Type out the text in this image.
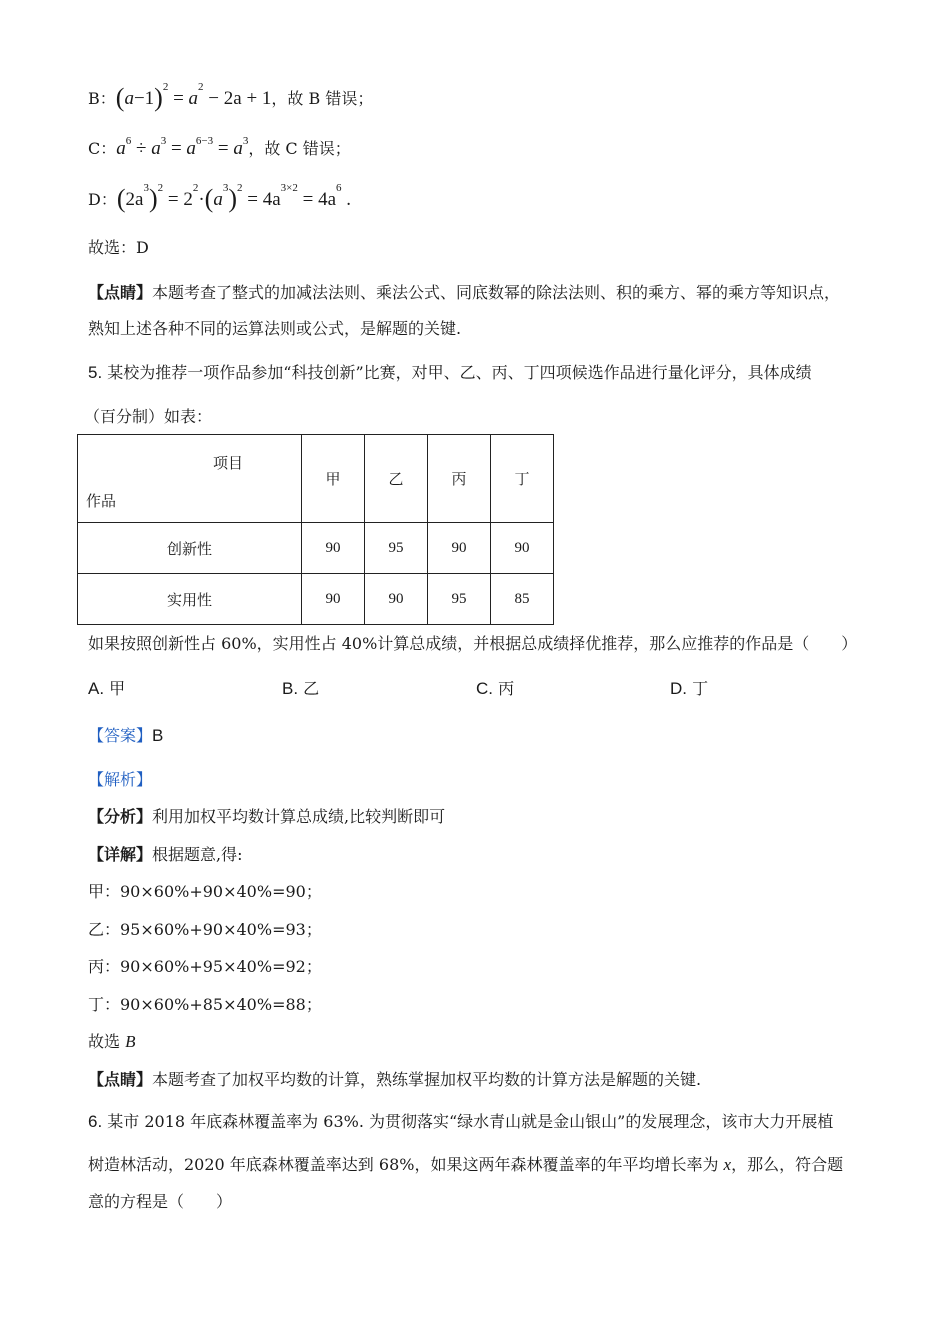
B：$(a-1)^2 = a^2 - 2a + 1$，故 B 错误；
C：$a^6 \div a^3 = a^{6-3} = a^3$，故 C 错误；
D：$(2a^3)^2 = 2^2\cdot(a^3)^2 = 4a^{3\times 2} = 4a^6$ .
故选：D
【点睛】本题考查了整式的加减法法则、乘法公式、同底数幂的除法法则、积的乘方、幂的乘方等知识点，
熟知上述各种不同的运算法则或公式，是解题的关键.
5. 某校为推荐一项作品参加“科技创新”比赛，对甲、乙、丙、丁四项候选作品进行量化评分，具体成绩
（百分制）如表：
项目
作品	甲	乙	丙	丁
创新性	90	95	90	90
实用性	90	90	95	85
如果按照创新性占 60%，实用性占 40%计算总成绩，并根据总成绩择优推荐，那么应推荐的作品是（　　）
A. 甲	B. 乙	C. 丙	D. 丁
【答案】B
【解析】
【分析】利用加权平均数计算总成绩,比较判断即可
【详解】根据题意,得:
甲：90×60%+90×40%=90；
乙：95×60%+90×40%=93；
丙：90×60%+95×40%=92；
丁：90×60%+85×40%=88；
故选 B
【点睛】本题考查了加权平均数的计算，熟练掌握加权平均数的计算方法是解题的关键.
6. 某市 2018 年底森林覆盖率为 63%. 为贯彻落实“绿水青山就是金山银山”的发展理念，该市大力开展植
树造林活动，2020 年底森林覆盖率达到 68%，如果这两年森林覆盖率的年平均增长率为 x，那么，符合题
意的方程是（　　）
